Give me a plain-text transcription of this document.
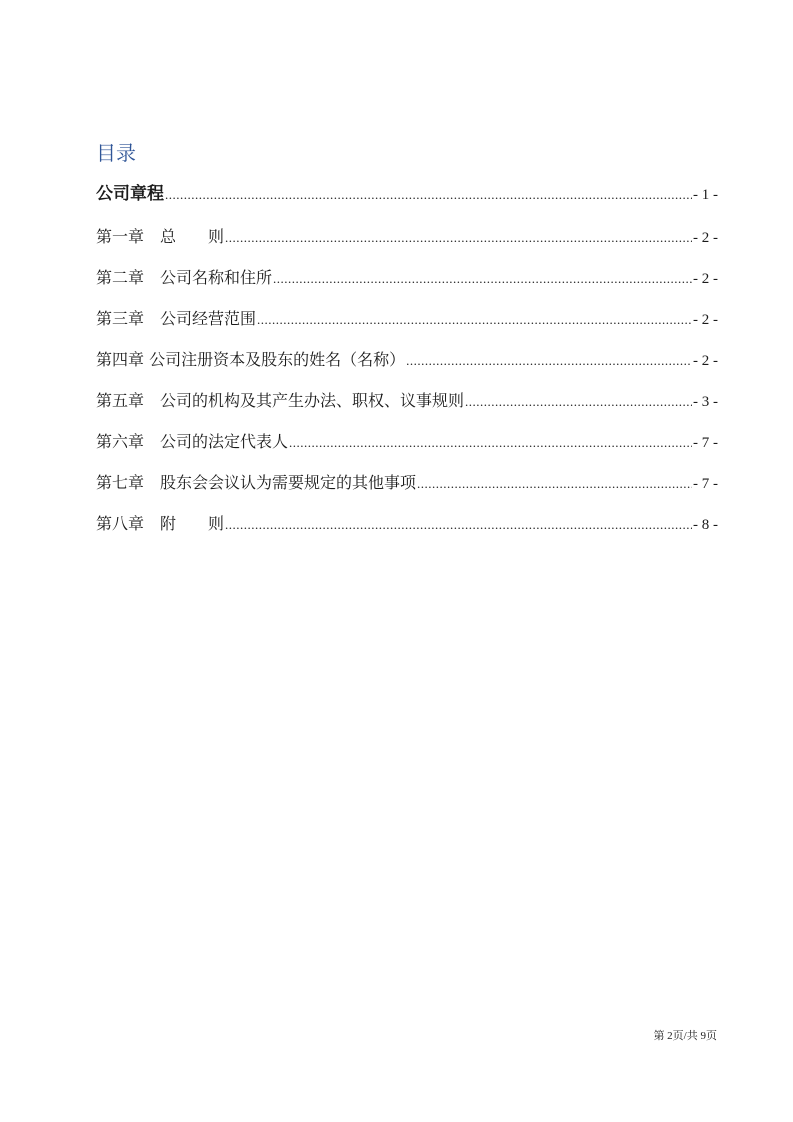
目录
公司章程 .....	- 1 -
第一章　总　　则 .....	- 2 -
第二章　公司名称和住所 .....	- 2 -
第三章　公司经营范围 .....	- 2 -
第四章 公司注册资本及股东的姓名（名称） .....	- 2 -
第五章　公司的机构及其产生办法、职权、议事规则 .....	- 3 -
第六章　公司的法定代表人 .....	- 7 -
第七章　股东会会议认为需要规定的其他事项 .....	- 7 -
第八章　附　　则 .....	- 8 -
第 2页/共 9页
